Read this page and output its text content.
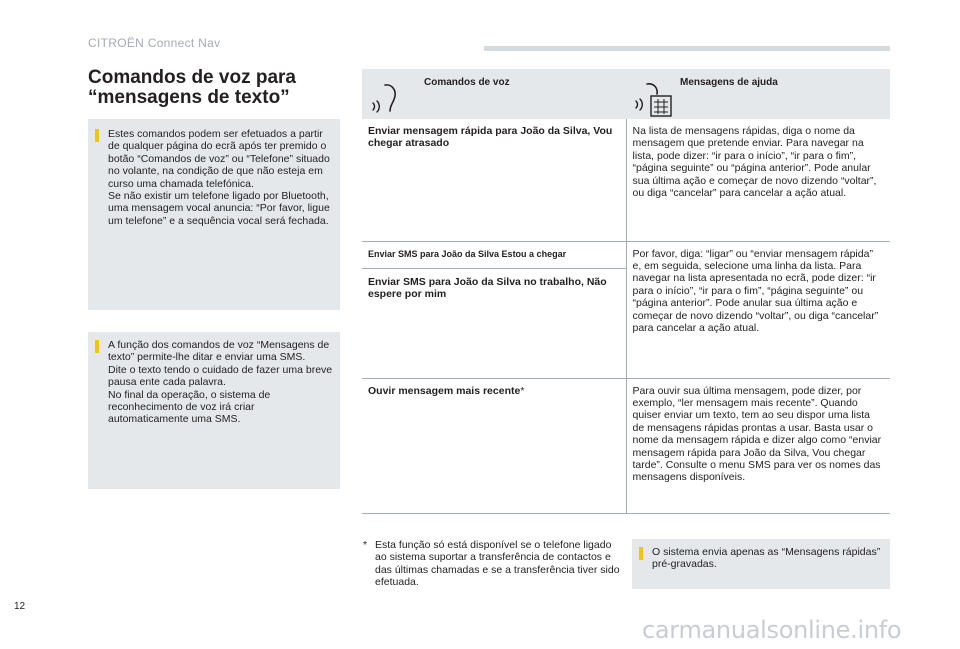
CITROËN Connect Nav
Comandos de voz para “mensagens de texto”
Estes comandos podem ser efetuados a partir de qualquer página do ecrã após ter premido o botão “Comandos de voz” ou “Telefone” situado no volante, na condição de que não esteja em curso uma chamada telefónica.
Se não existir um telefone ligado por Bluetooth, uma mensagem vocal anuncia: “Por favor, ligue um telefone” e a sequência vocal será fechada.
A função dos comandos de voz “Mensagens de texto” permite-lhe ditar e enviar uma SMS.
Dite o texto tendo o cuidado de fazer uma breve pausa ente cada palavra.
No final da operação, o sistema de reconhecimento de voz irá criar automaticamente uma SMS.
Comandos de voz	Mensagens de ajuda

Enviar mensagem rápida para João da Silva, Vou chegar atrasado	Na lista de mensagens rápidas, diga o nome da mensagem que pretende enviar. Para navegar na lista, pode dizer: “ir para o início”, “ir para o fim”, “página seguinte” ou “página anterior”. Pode anular sua última ação e começar de novo dizendo “voltar”, ou diga “cancelar” para cancelar a ação atual.

Enviar SMS para João da Silva Estou a chegar
Enviar SMS para João da Silva no trabalho, Não espere por mim	Por favor, diga: “ligar” ou “enviar mensagem rápida” e, em seguida, selecione uma linha da lista. Para navegar na lista apresentada no ecrã, pode dizer: “ir para o início”, “ir para o fim”, “página seguinte” ou “página anterior”. Pode anular sua última ação e começar de novo dizendo “voltar”, ou diga “cancelar” para cancelar a ação atual.
Ouvir mensagem mais recente*	Para ouvir sua última mensagem, pode dizer, por exemplo, “ler mensagem mais recente”. Quando quiser enviar um texto, tem ao seu dispor uma lista de mensagens rápidas prontas a usar. Basta usar o nome da mensagem rápida e dizer algo como “enviar mensagem rápida para João da Silva, Vou chegar tarde”. Consulte o menu SMS para ver os nomes das mensagens disponíveis.
* Esta função só está disponível se o telefone ligado ao sistema suportar a transferência de contactos e das últimas chamadas e se a transferência tiver sido efetuada.
O sistema envia apenas as “Mensagens rápidas” pré-gravadas.
12
carmanualsonline.info
